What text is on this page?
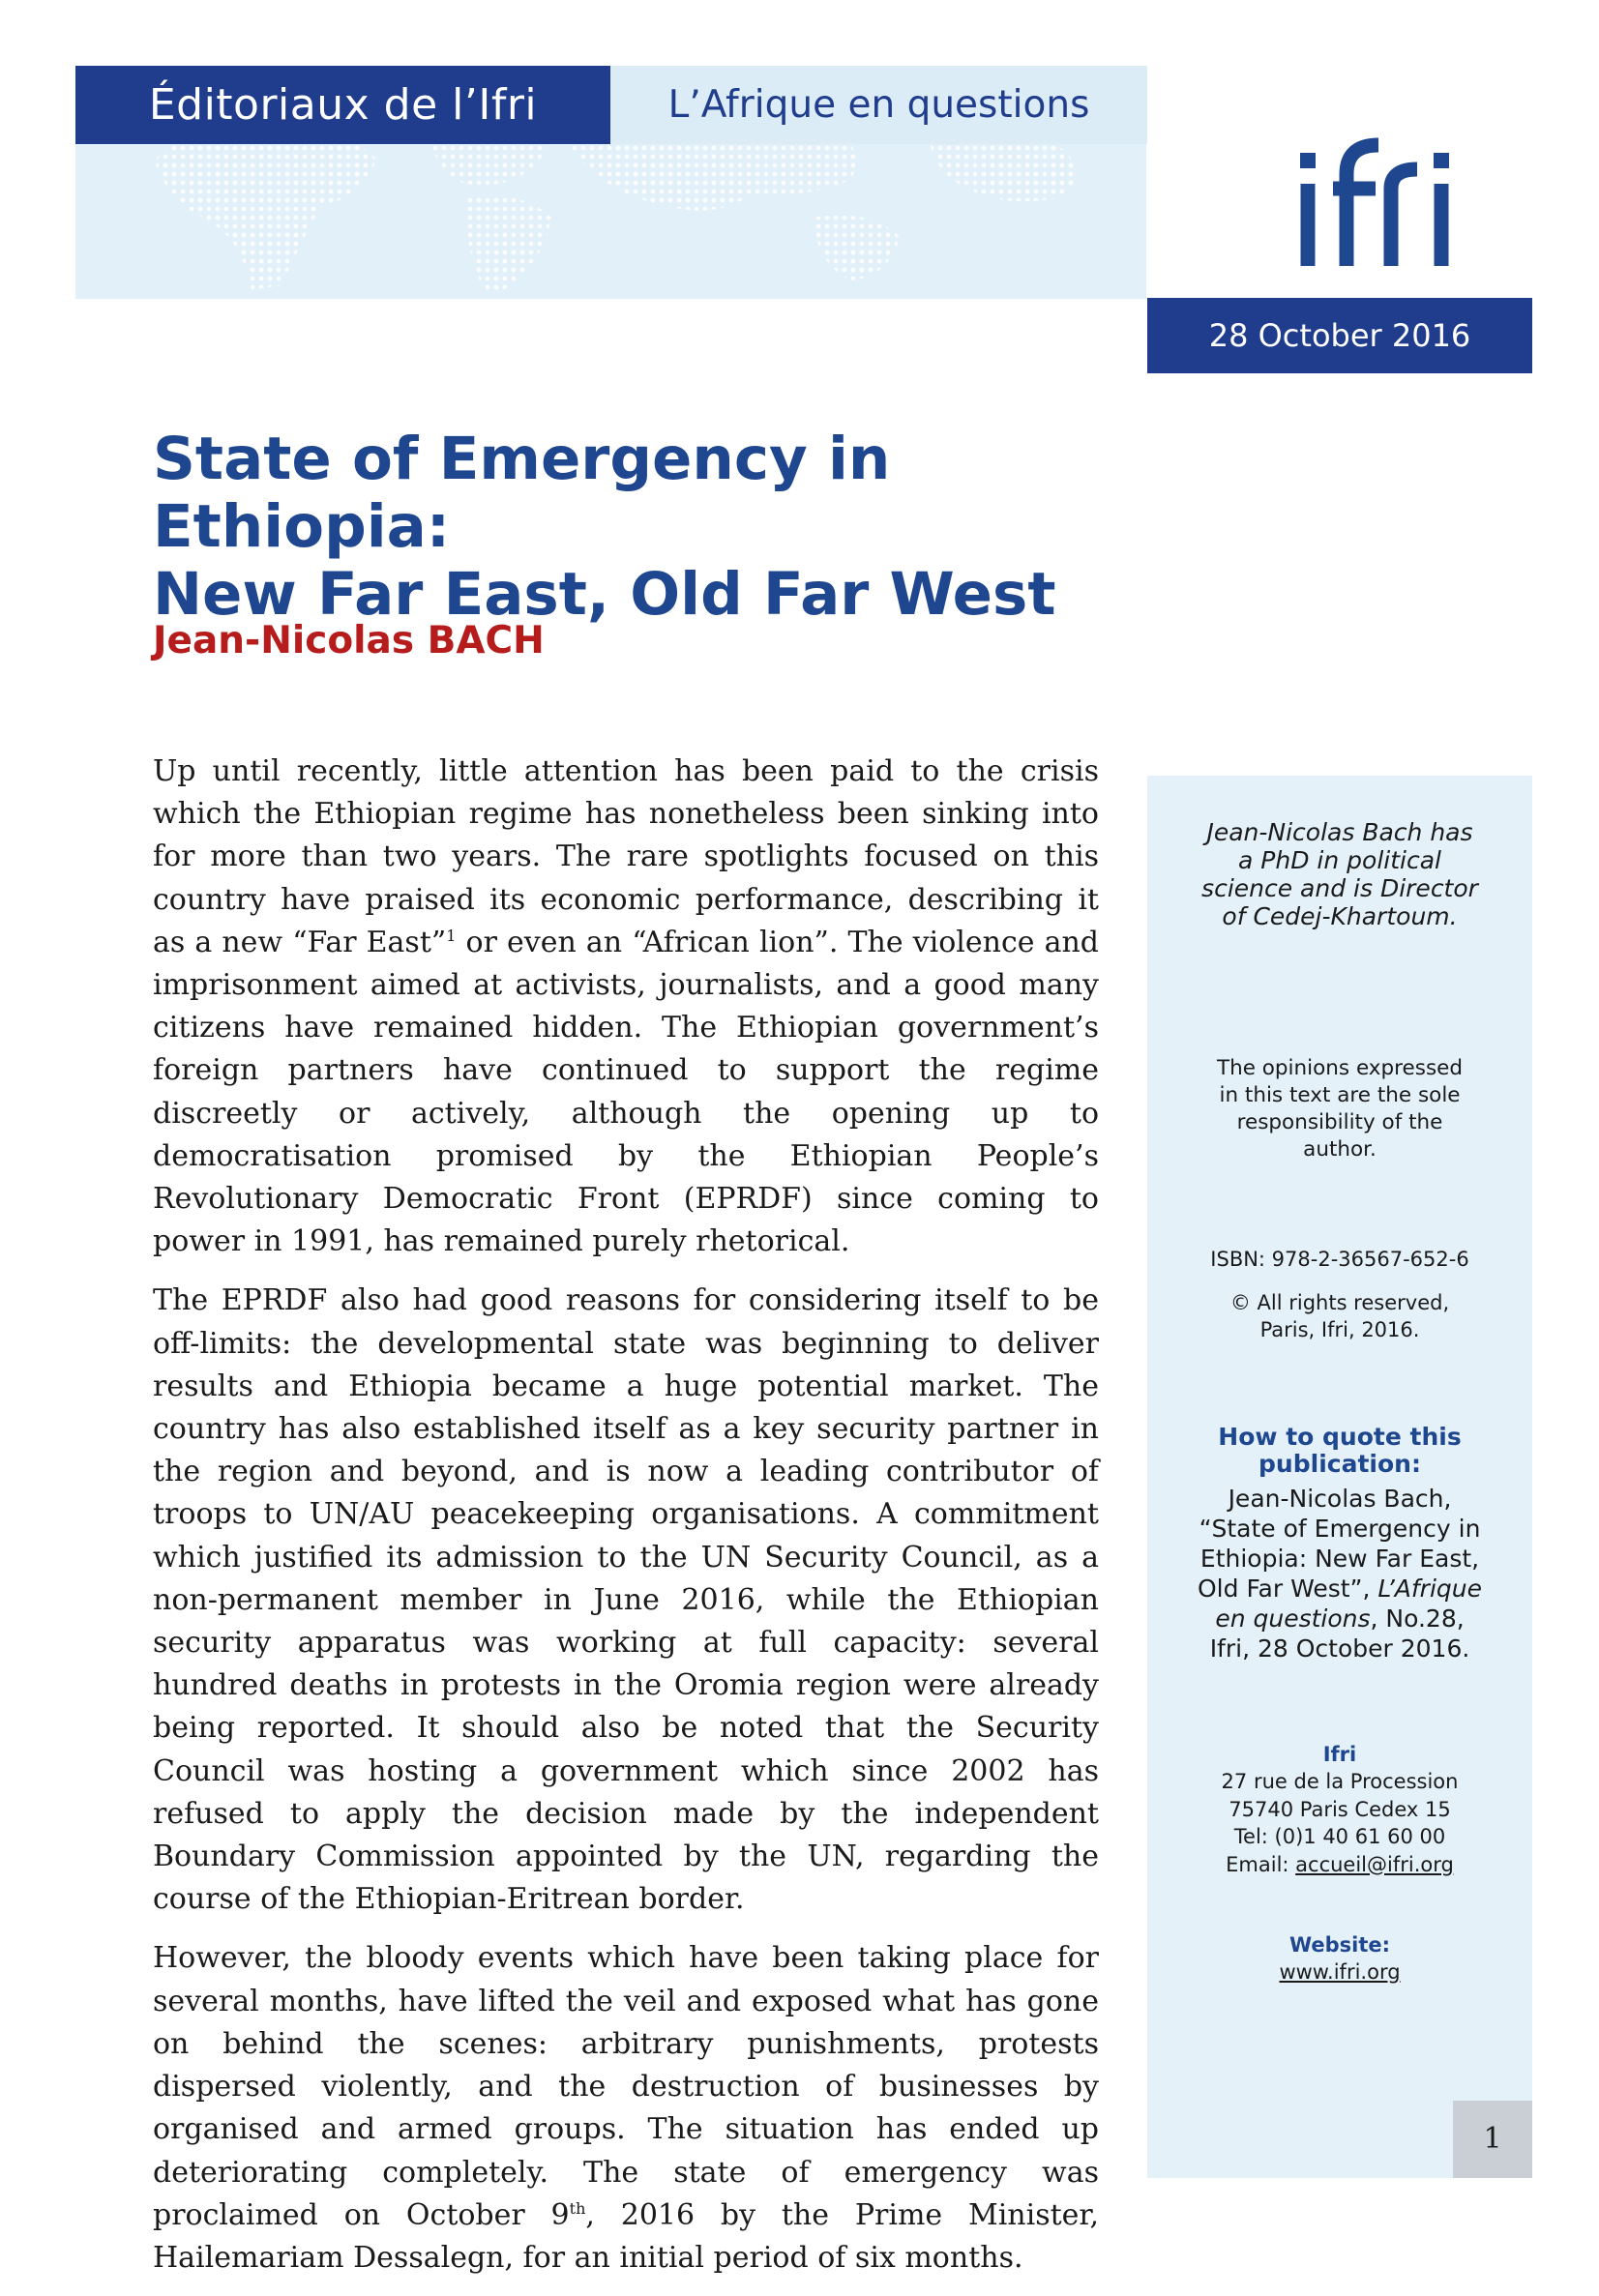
Éditoriaux de l’Ifri	L’Afrique en questions
28 October 2016
State of Emergency in Ethiopia:
New Far East, Old Far West
Jean-Nicolas BACH

Up until recently, little attention has been paid to the crisis which the Ethiopian regime has nonetheless been sinking into for more than two years. The rare spotlights focused on this country have praised its economic performance, describing it as a new “Far East”$^1$ or even an “African lion”. The violence and imprisonment aimed at activists, journalists, and a good many citizens have remained hidden. The Ethiopian government’s foreign partners have continued to support the regime discreetly or actively, although the opening up to democratisation promised by the Ethiopian People’s Revolutionary Democratic Front (EPRDF) since coming to power in 1991, has remained purely rhetorical.

The EPRDF also had good reasons for considering itself to be off-limits: the developmental state was beginning to deliver results and Ethiopia became a huge potential market. The country has also established itself as a key security partner in the region and beyond, and is now a leading contributor of troops to UN/AU peacekeeping organisations. A commitment which justified its admission to the UN Security Council, as a non-permanent member in June 2016, while the Ethiopian security apparatus was working at full capacity: several hundred deaths in protests in the Oromia region were already being reported. It should also be noted that the Security Council was hosting a government which since 2002 has refused to apply the decision made by the independent Boundary Commission appointed by the UN, regarding the course of the Ethiopian-Eritrean border.

However, the bloody events which have been taking place for several months, have lifted the veil and exposed what has gone on behind the scenes: arbitrary punishments, protests dispersed violently, and the destruction of businesses by organised and armed groups. The situation has ended up deteriorating completely. The state of emergency was proclaimed on October 9th, 2016 by the Prime Minister, Hailemariam Dessalegn, for an initial period of six months.

Jean-Nicolas Bach has
a PhD in political
science and is Director
of Cedej-Khartoum.
The opinions expressed
in this text are the sole
responsibility of the
author.
ISBN: 978-2-36567-652-6
© All rights reserved,
Paris, Ifri, 2016.
How to quote this
publication:
Jean-Nicolas Bach,
“State of Emergency in
Ethiopia: New Far East,
Old Far West”, L’Afrique
en questions, No.28,
Ifri, 28 October 2016.
Ifri
27 rue de la Procession
75740 Paris Cedex 15
Tel: (0)1 40 61 60 00
Email: accueil@ifri.org
Website:
www.ifri.org
1
